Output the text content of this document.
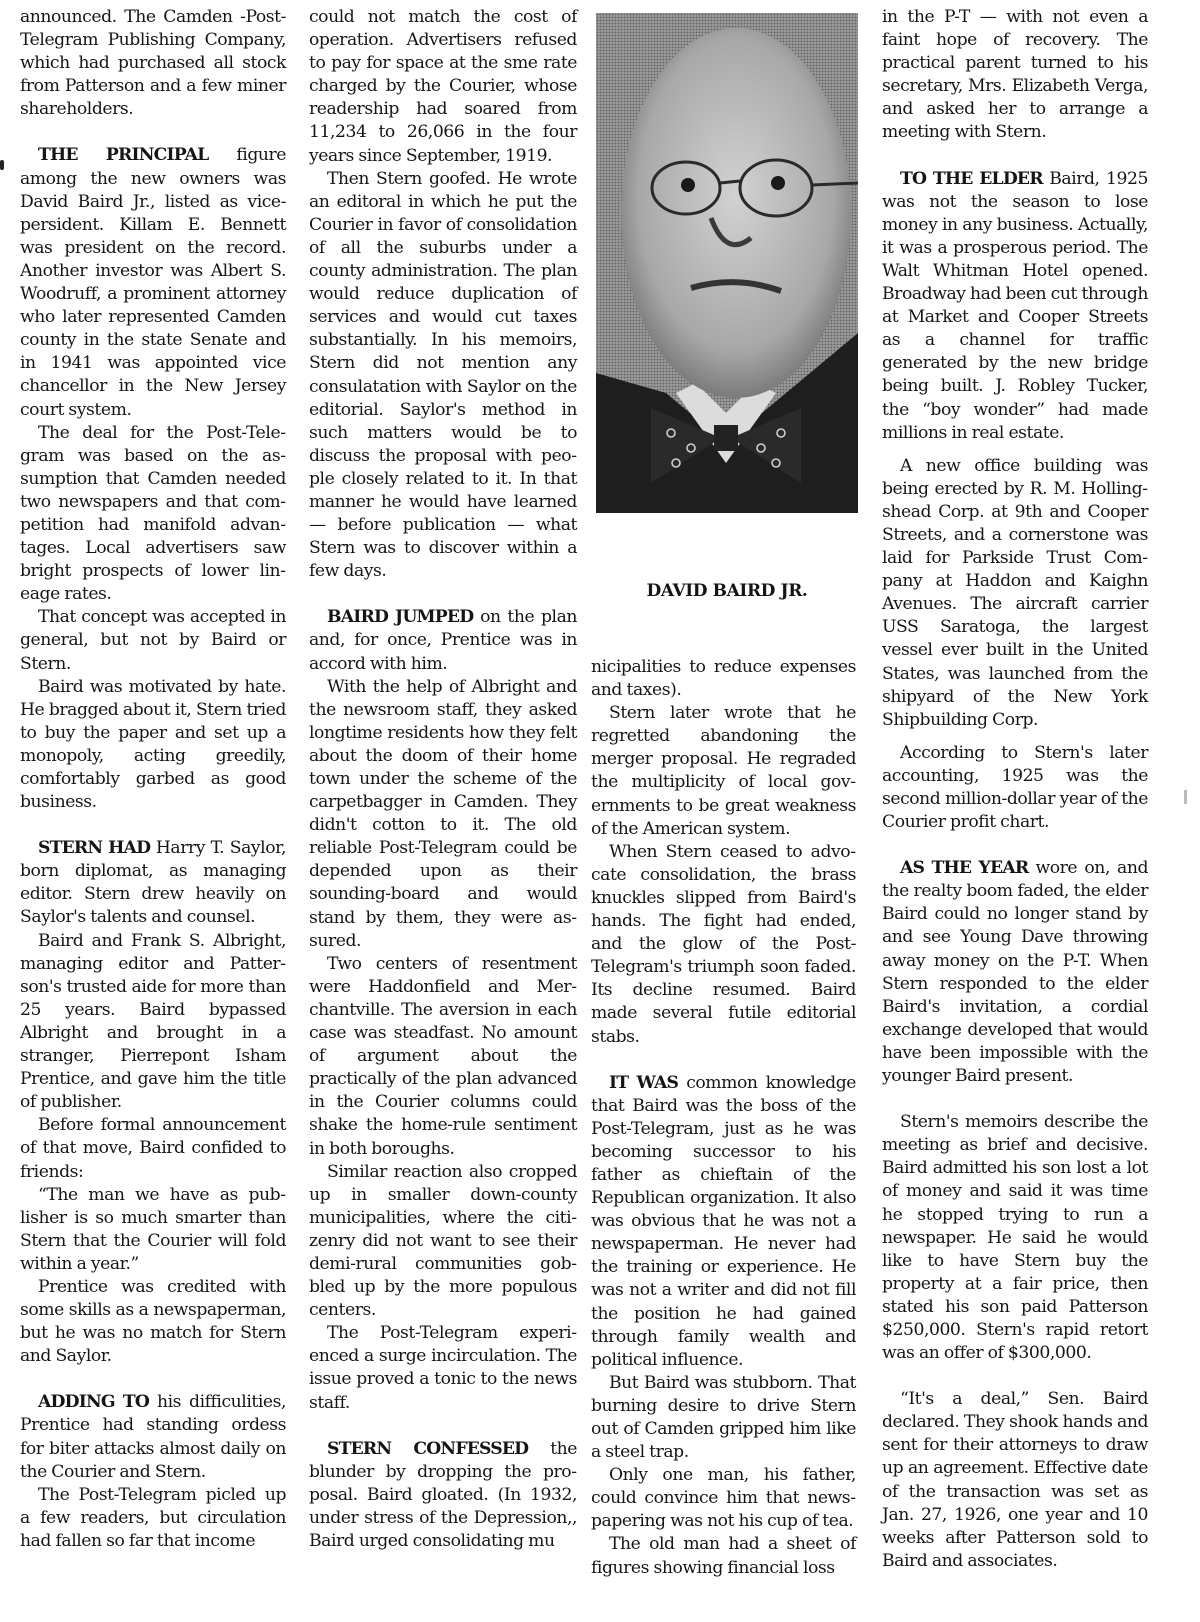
announced. The Camden -Post-Telegram Publishing Company, which had purchased all stock from Patterson and a few miner shareholders.

THE PRINCIPAL figure among the new owners was David Baird Jr., listed as vice-persident. Killam E. Bennett was president on the record. Another investor was Albert S. Woodruff, a prominent attorney who later represented Camden county in the state Senate and in 1941 was appointed vice chancellor in the New Jersey court system.

The deal for the Post-Telegram was based on the assumption that Camden needed two newspapers and that competition had manifold advantages. Local advertisers saw bright prospects of lower lineage rates.

That concept was accepted in general, but not by Baird or Stern.

Baird was motivated by hate. He bragged about it, Stern tried to buy the paper and set up a monopoly, acting greedily, comfortably garbed as good business.

STERN HAD Harry T. Saylor, born diplomat, as managing editor. Stern drew heavily on Saylor's talents and counsel.

Baird and Frank S. Albright, managing editor and Patterson's trusted aide for more than 25 years. Baird bypassed Albright and brought in a stranger, Pierrepont Isham Prentice, and gave him the title of publisher.

Before formal announcement of that move, Baird confided to friends:

“The man we have as publisher is so much smarter than Stern that the Courier will fold within a year.”

Prentice was credited with some skills as a newspaperman, but he was no match for Stern and Saylor.

ADDING TO his difficulities, Prentice had standing ordess for biter attacks almost daily on the Courier and Stern.

The Post-Telegram picled up a few readers, but circulation had fallen so far that income

could not match the cost of operation. Advertisers refused to pay for space at the sme rate charged by the Courier, whose readership had soared from 11,234 to 26,066 in the four years since September, 1919.

Then Stern goofed. He wrote an editoral in which he put the Courier in favor of consolidation of all the suburbs under a county administration. The plan would reduce duplication of services and would cut taxes substantially. In his memoirs, Stern did not mention any consulatation with Saylor on the editorial. Saylor's method in such matters would be to discuss the proposal with people closely related to it. In that manner he would have learned — before publication — what Stern was to discover within a few days.

BAIRD JUMPED on the plan and, for once, Prentice was in accord with him.

With the help of Albright and the newsroom staff, they asked longtime residents how they felt about the doom of their home town under the scheme of the carpetbagger in Camden. They didn't cotton to it. The old reliable Post-Telegram could be depended upon as their sounding-board and would stand by them, they were assured.

Two centers of resentment were Haddonfield and Merchantville. The aversion in each case was steadfast. No amount of argument about the practically of the plan advanced in the Courier columns could shake the home-rule sentiment in both boroughs.

Similar reaction also cropped up in smaller down-county municipalities, where the citizenry did not want to see their demi-rural communities gobbled up by the more populous centers.

The Post-Telegram experienced a surge incirculation. The issue proved a tonic to the news staff.

STERN CONFESSED the blunder by dropping the proposal. Baird gloated. (In 1932, under stress of the Depression,, Baird urged consolidating mu

DAVID BAIRD JR.

nicipalities to reduce expenses and taxes).

Stern later wrote that he regretted abandoning the merger proposal. He regraded the multiplicity of local governments to be great weakness of the American system.

When Stern ceased to advocate consolidation, the brass knuckles slipped from Baird's hands. The fight had ended, and the glow of the Post-Telegram's triumph soon faded. Its decline resumed. Baird made several futile editorial stabs.

IT WAS common knowledge that Baird was the boss of the Post-Telegram, just as he was becoming successor to his father as chieftain of the Republican organization. It also was obvious that he was not a newspaperman. He never had the training or experience. He was not a writer and did not fill the position he had gained through family wealth and political influence.

But Baird was stubborn. That burning desire to drive Stern out of Camden gripped him like a steel trap.

Only one man, his father, could convince him that newspapering was not his cup of tea.

The old man had a sheet of figures showing financial loss

in the P-T — with not even a faint hope of recovery. The practical parent turned to his secretary, Mrs. Elizabeth Verga, and asked her to arrange a meeting with Stern.

TO THE ELDER Baird, 1925 was not the season to lose money in any business. Actually, it was a prosperous period. The Walt Whitman Hotel opened. Broadway had been cut through at Market and Cooper Streets as a channel for traffic generated by the new bridge being built. J. Robley Tucker, the “boy wonder” had made millions in real estate.

A new office building was being erected by R. M. Hollingshead Corp. at 9th and Cooper Streets, and a cornerstone was laid for Parkside Trust Company at Haddon and Kaighn Avenues. The aircraft carrier USS Saratoga, the largest vessel ever built in the United States, was launched from the shipyard of the New York Shipbuilding Corp.

According to Stern's later accounting, 1925 was the second million-dollar year of the Courier profit chart.

AS THE YEAR wore on, and the realty boom faded, the elder Baird could no longer stand by and see Young Dave throwing away money on the P-T. When Stern responded to the elder Baird's invitation, a cordial exchange developed that would have been impossible with the younger Baird present.

Stern's memoirs describe the meeting as brief and decisive. Baird admitted his son lost a lot of money and said it was time he stopped trying to run a newspaper. He said he would like to have Stern buy the property at a fair price, then stated his son paid Patterson $250,000. Stern's rapid retort was an offer of $300,000.

“It's a deal,” Sen. Baird declared. They shook hands and sent for their attorneys to draw up an agreement. Effective date of the transaction was set as Jan. 27, 1926, one year and 10 weeks after Patterson sold to Baird and associates.
